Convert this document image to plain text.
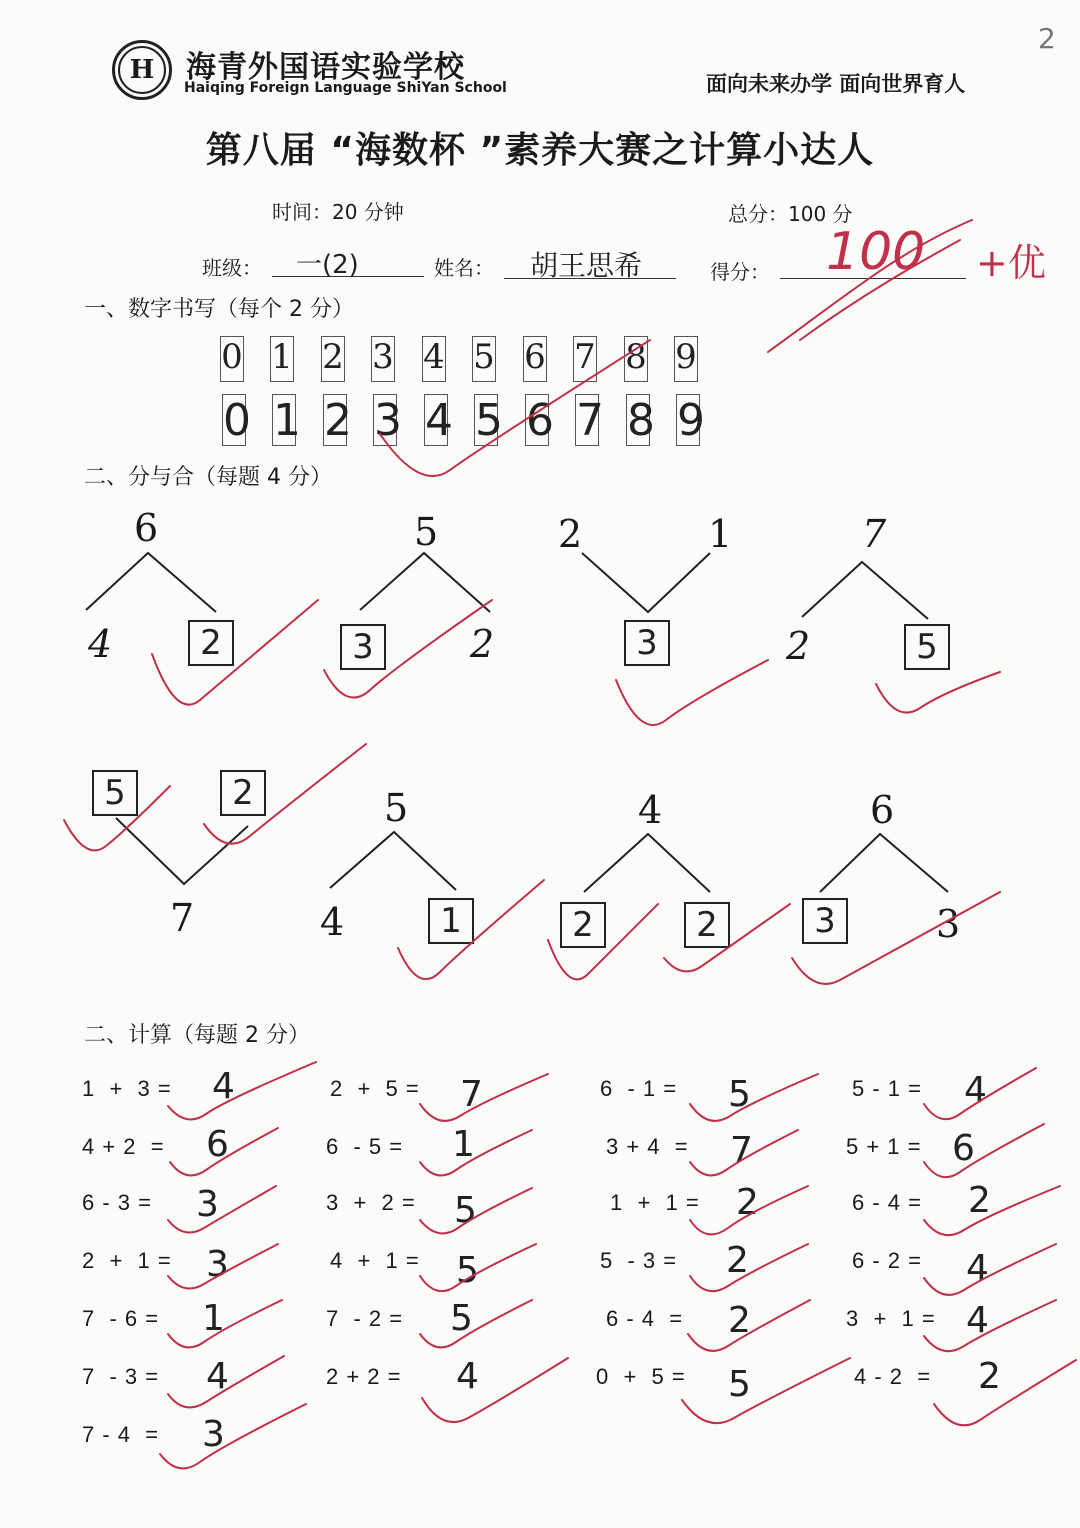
H	海青外国语实验学校
Haiqing Foreign Language ShiYan School	面向未来办学 面向世界育人
2
第八届 “海数杯 ”素养大赛之计算小达人
时间：20 分钟	总分：100 分
班级： 一(2)	姓名： 胡王思希	得分： 100 +优
一、数字书写（每个 2 分）
0 1 2 3 4 5 6 7 8 9
0 1 2 3 4 5 6 7 8 9
二、分与合（每题 4 分）
6
4	2
5
3	2
2	1
3
7
2	5
5	2
7
5
4	1
4
2	2
6
3	3
二、计算（每题 2 分）
1  +  3 = 4
4 + 2  = 6
6 - 3 = 3
2  +  1 = 3
7  - 6 = 1
7  - 3 = 4
7 - 4  = 3
2  +  5 = 7
6  - 5 = 1
3  +  2 = 5
4  +  1 = 5
7  - 2 = 5
2 + 2 = 4
6  - 1 = 5
3 + 4  = 7
1  +  1 = 2
5  - 3 = 2
6 - 4  = 2
0  +  5 = 5
5 - 1 = 4
5 + 1 = 6
6 - 4 = 2
6 - 2 = 4
3  +  1 = 4
4 - 2  = 2
